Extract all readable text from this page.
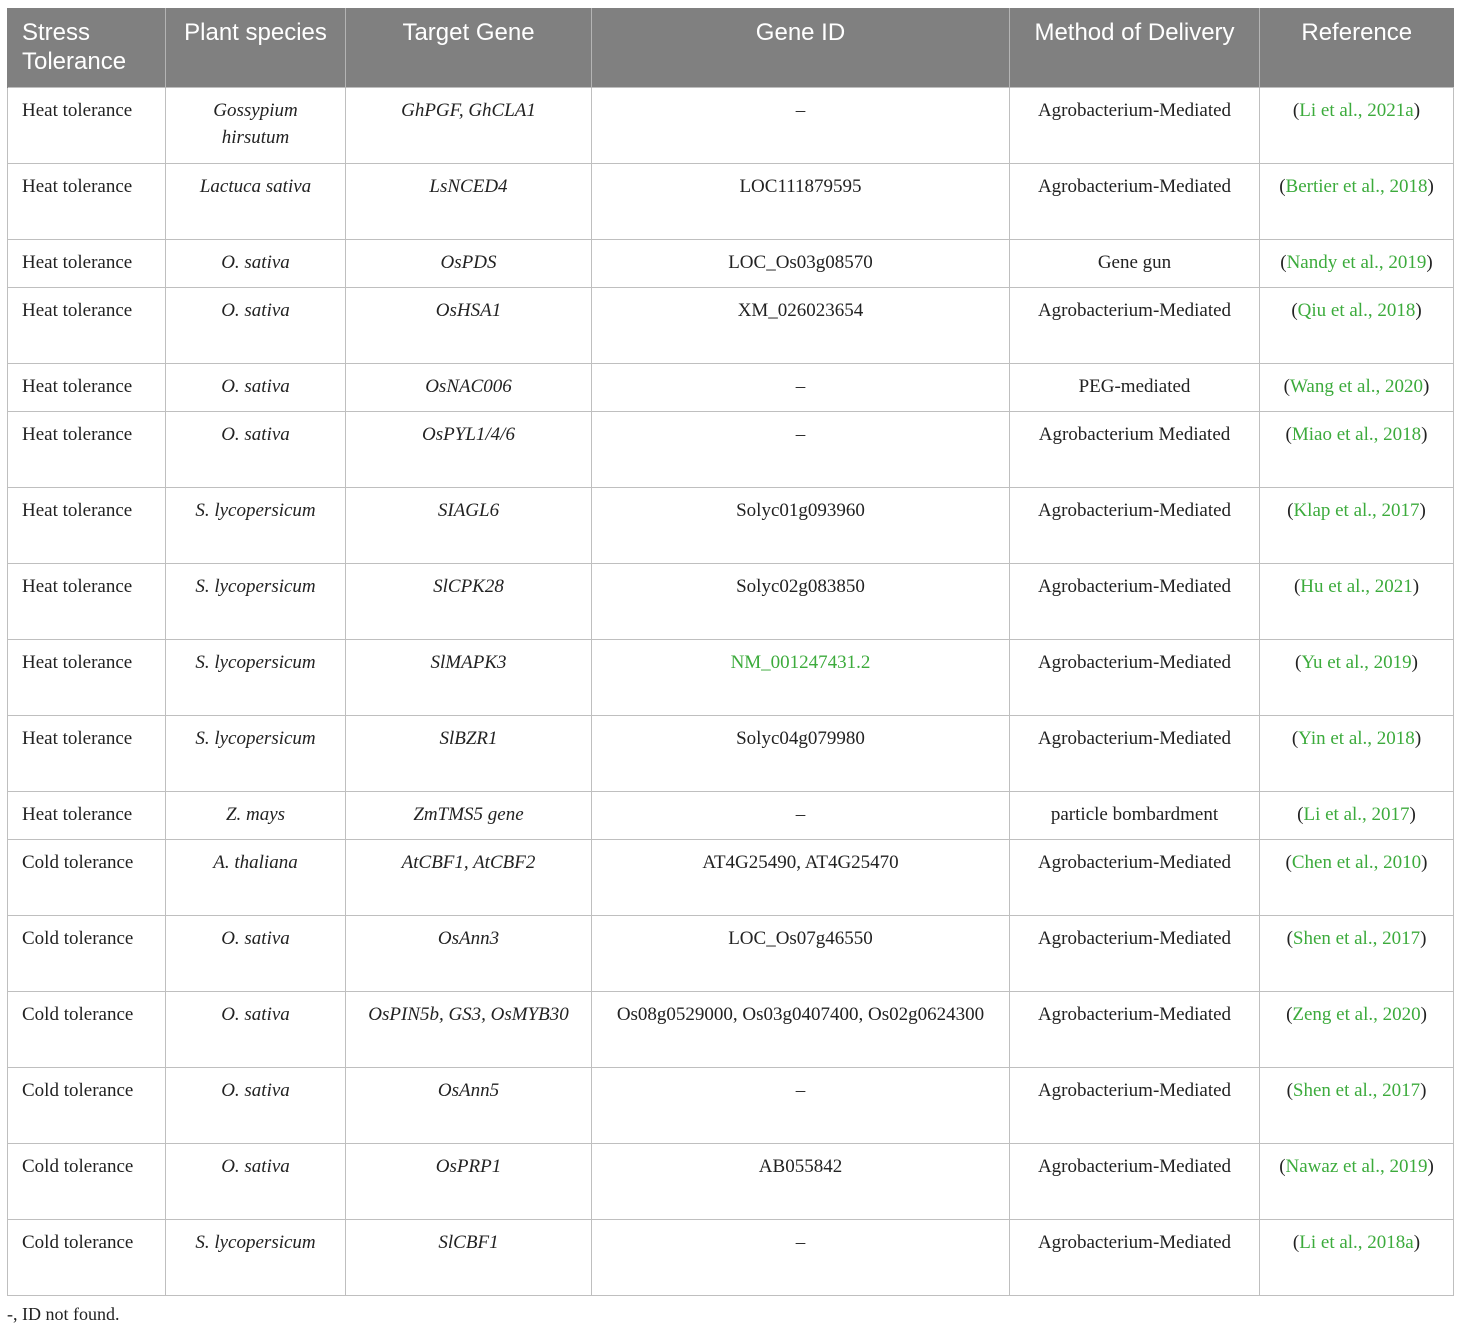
Stress Tolerance	Plant species	Target Gene	Gene ID	Method of Delivery	Reference
Heat tolerance	Gossypium hirsutum	GhPGF, GhCLA1	–	Agrobacterium-Mediated	(Li et al., 2021a)
Heat tolerance	Lactuca sativa	LsNCED4	LOC111879595	Agrobacterium-Mediated	(Bertier et al., 2018)
Heat tolerance	O. sativa	OsPDS	LOC_Os03g08570	Gene gun	(Nandy et al., 2019)
Heat tolerance	O. sativa	OsHSA1	XM_026023654	Agrobacterium-Mediated	(Qiu et al., 2018)
Heat tolerance	O. sativa	OsNAC006	–	PEG-mediated	(Wang et al., 2020)
Heat tolerance	O. sativa	OsPYL1/4/6	–	Agrobacterium Mediated	(Miao et al., 2018)
Heat tolerance	S. lycopersicum	SIAGL6	Solyc01g093960	Agrobacterium-Mediated	(Klap et al., 2017)
Heat tolerance	S. lycopersicum	SlCPK28	Solyc02g083850	Agrobacterium-Mediated	(Hu et al., 2021)
Heat tolerance	S. lycopersicum	SlMAPK3	NM_001247431.2	Agrobacterium-Mediated	(Yu et al., 2019)
Heat tolerance	S. lycopersicum	SlBZR1	Solyc04g079980	Agrobacterium-Mediated	(Yin et al., 2018)
Heat tolerance	Z. mays	ZmTMS5 gene	–	particle bombardment	(Li et al., 2017)
Cold tolerance	A. thaliana	AtCBF1, AtCBF2	AT4G25490, AT4G25470	Agrobacterium-Mediated	(Chen et al., 2010)
Cold tolerance	O. sativa	OsAnn3	LOC_Os07g46550	Agrobacterium-Mediated	(Shen et al., 2017)
Cold tolerance	O. sativa	OsPIN5b, GS3, OsMYB30	Os08g0529000, Os03g0407400, Os02g0624300	Agrobacterium-Mediated	(Zeng et al., 2020)
Cold tolerance	O. sativa	OsAnn5	–	Agrobacterium-Mediated	(Shen et al., 2017)
Cold tolerance	O. sativa	OsPRP1	AB055842	Agrobacterium-Mediated	(Nawaz et al., 2019)
Cold tolerance	S. lycopersicum	SlCBF1	–	Agrobacterium-Mediated	(Li et al., 2018a)
-, ID not found.
